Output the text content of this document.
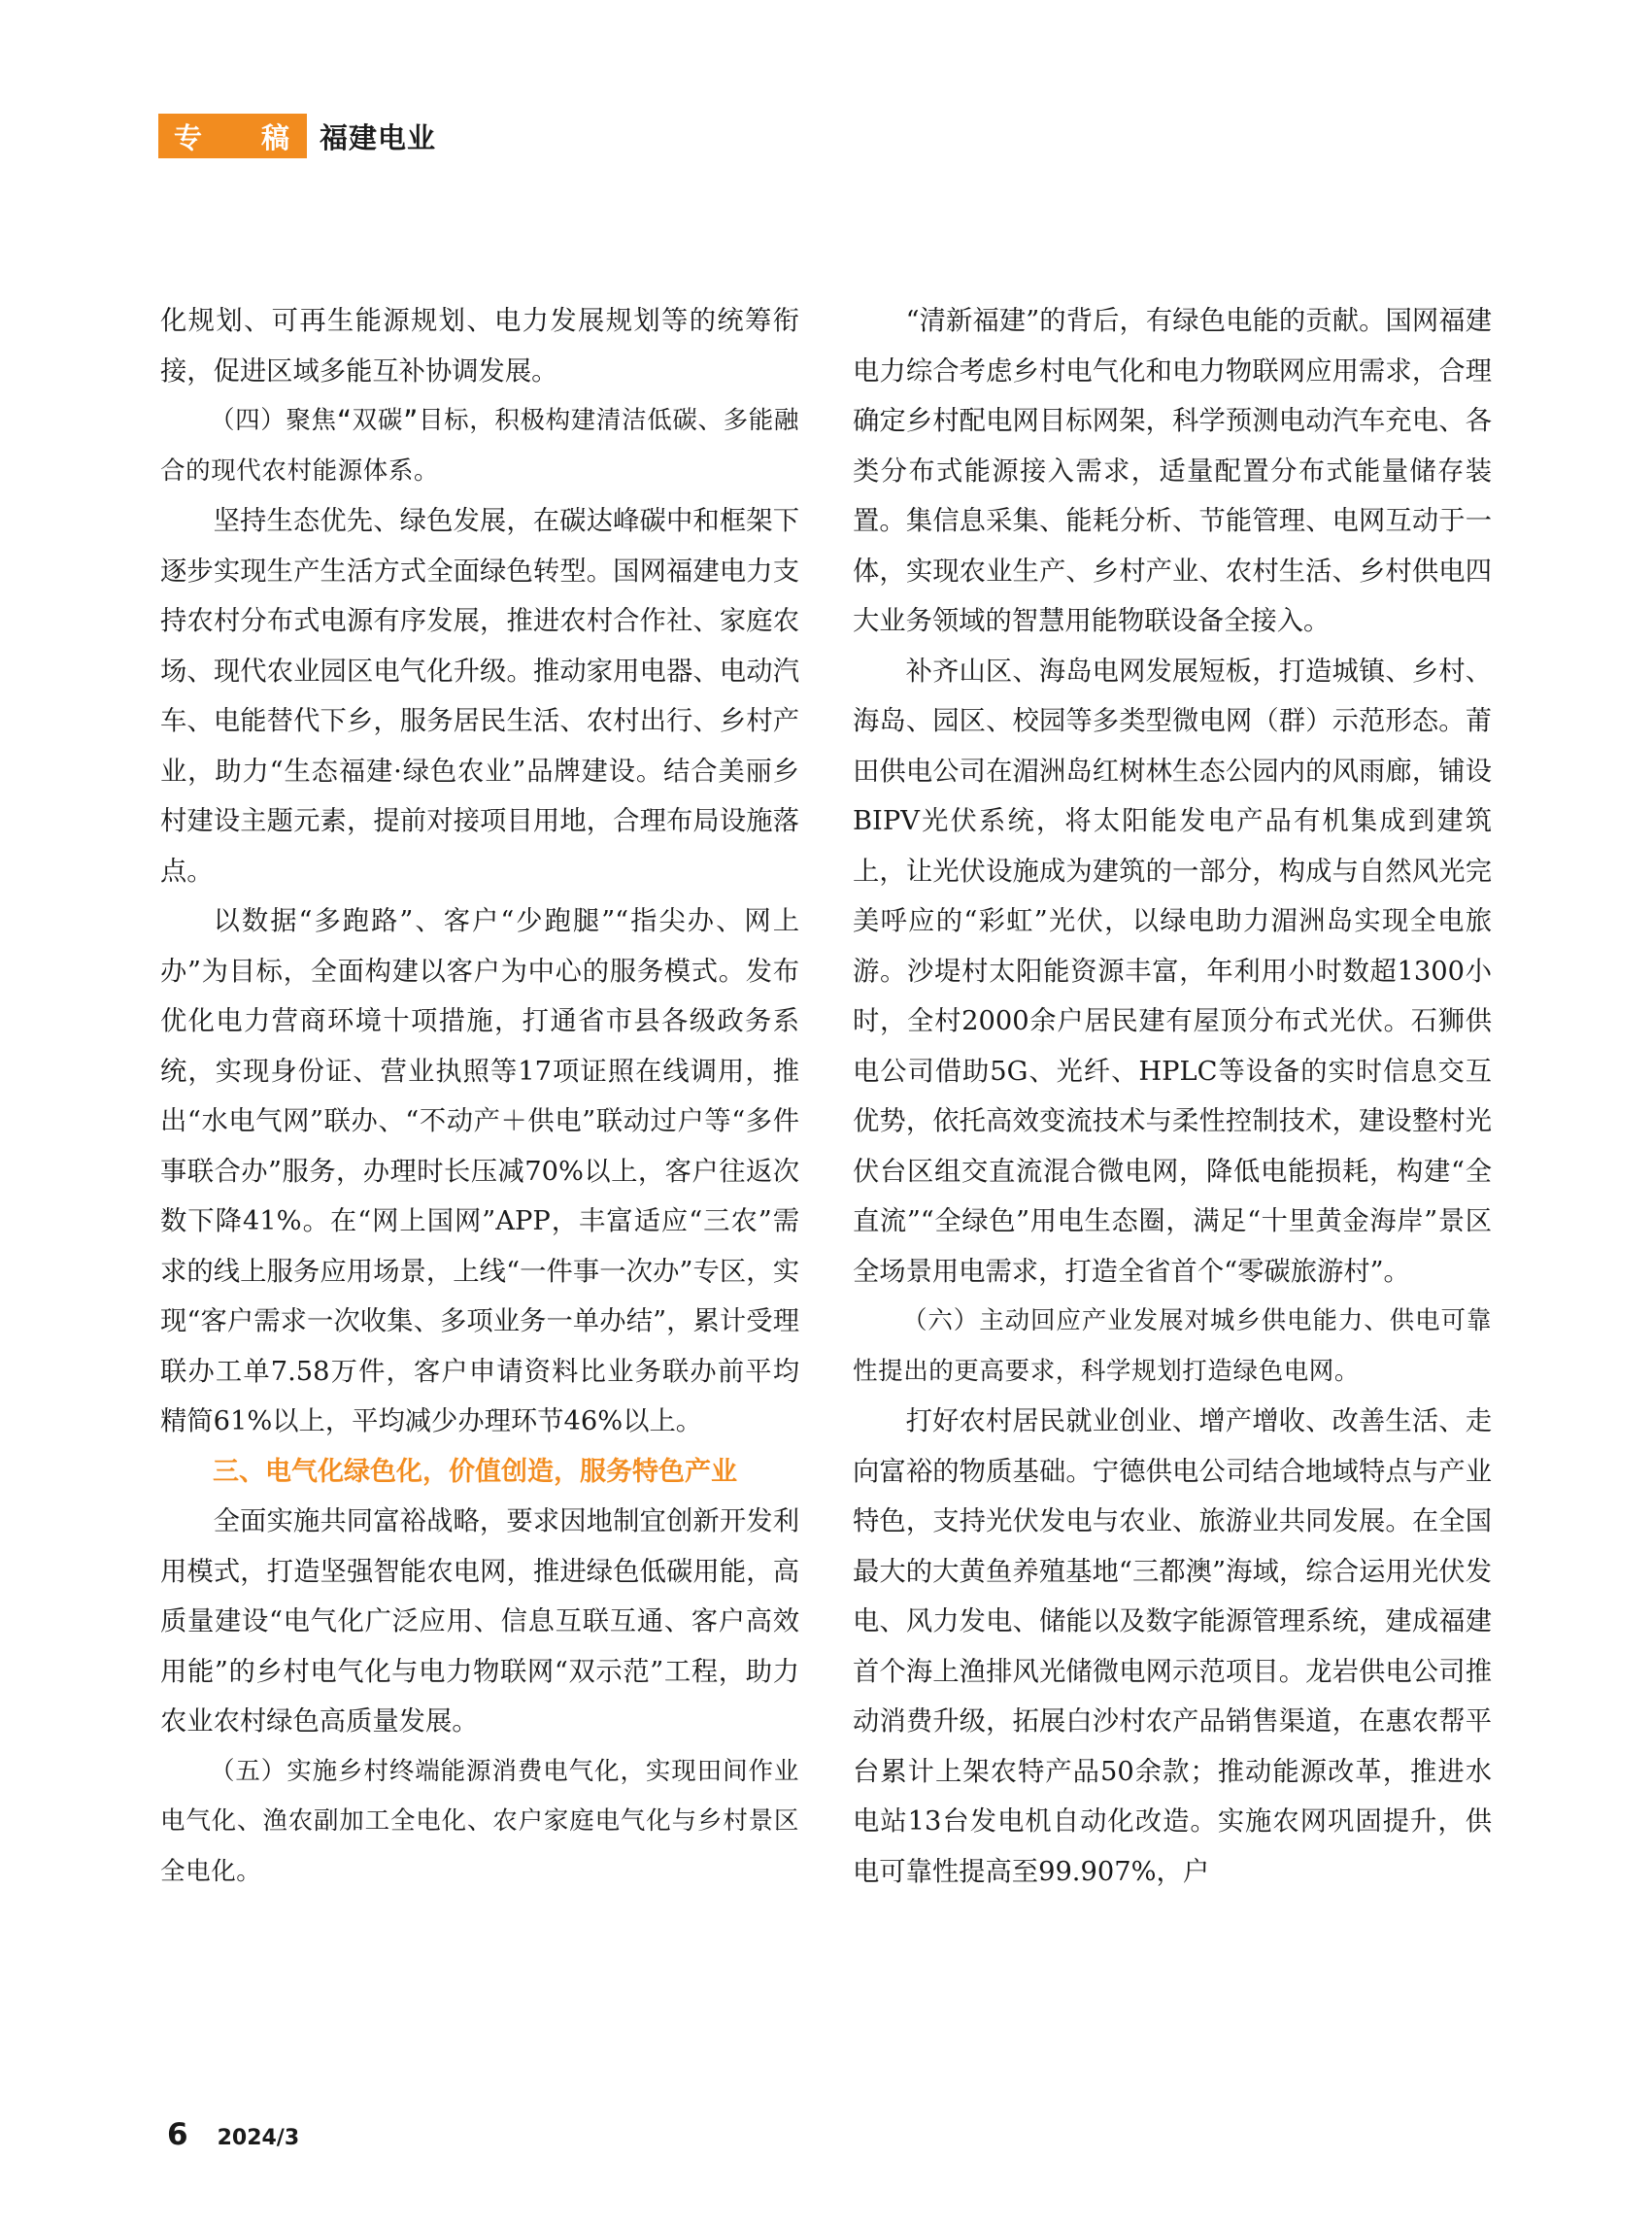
专 稿 福建电业

化规划、可再生能源规划、电力发展规划等的统筹衔接，促进区域多能互补协调发展。

（四）聚焦“双碳”目标，积极构建清洁低碳、多能融合的现代农村能源体系。

坚持生态优先、绿色发展，在碳达峰碳中和框架下逐步实现生产生活方式全面绿色转型。国网福建电力支持农村分布式电源有序发展，推进农村合作社、家庭农场、现代农业园区电气化升级。推动家用电器、电动汽车、电能替代下乡，服务居民生活、农村出行、乡村产业，助力“生态福建·绿色农业”品牌建设。结合美丽乡村建设主题元素，提前对接项目用地，合理布局设施落点。

以数据“多跑路”、客户“少跑腿”“指尖办、网上办”为目标，全面构建以客户为中心的服务模式。发布优化电力营商环境十项措施，打通省市县各级政务系统，实现身份证、营业执照等17项证照在线调用，推出“水电气网”联办、“不动产＋供电”联动过户等“多件事联合办”服务，办理时长压减70%以上，客户往返次数下降41%。在“网上国网”APP，丰富适应“三农”需求的线上服务应用场景，上线“一件事一次办”专区，实现“客户需求一次收集、多项业务一单办结”，累计受理联办工单7.58万件，客户申请资料比业务联办前平均精简61%以上，平均减少办理环节46%以上。

三、电气化绿色化，价值创造，服务特色产业

全面实施共同富裕战略，要求因地制宜创新开发利用模式，打造坚强智能农电网，推进绿色低碳用能，高质量建设“电气化广泛应用、信息互联互通、客户高效用能”的乡村电气化与电力物联网“双示范”工程，助力农业农村绿色高质量发展。

（五）实施乡村终端能源消费电气化，实现田间作业电气化、渔农副加工全电化、农户家庭电气化与乡村景区全电化。

“清新福建”的背后，有绿色电能的贡献。国网福建电力综合考虑乡村电气化和电力物联网应用需求，合理确定乡村配电网目标网架，科学预测电动汽车充电、各类分布式能源接入需求，适量配置分布式能量储存装置。集信息采集、能耗分析、节能管理、电网互动于一体，实现农业生产、乡村产业、农村生活、乡村供电四大业务领域的智慧用能物联设备全接入。

补齐山区、海岛电网发展短板，打造城镇、乡村、海岛、园区、校园等多类型微电网（群）示范形态。莆田供电公司在湄洲岛红树林生态公园内的风雨廊，铺设BIPV光伏系统，将太阳能发电产品有机集成到建筑上，让光伏设施成为建筑的一部分，构成与自然风光完美呼应的“彩虹”光伏，以绿电助力湄洲岛实现全电旅游。沙堤村太阳能资源丰富，年利用小时数超1300小时，全村2000余户居民建有屋顶分布式光伏。石狮供电公司借助5G、光纤、HPLC等设备的实时信息交互优势，依托高效变流技术与柔性控制技术，建设整村光伏台区组交直流混合微电网，降低电能损耗，构建“全直流”“全绿色”用电生态圈，满足“十里黄金海岸”景区全场景用电需求，打造全省首个“零碳旅游村”。

（六）主动回应产业发展对城乡供电能力、供电可靠性提出的更高要求，科学规划打造绿色电网。

打好农村居民就业创业、增产增收、改善生活、走向富裕的物质基础。宁德供电公司结合地域特点与产业特色，支持光伏发电与农业、旅游业共同发展。在全国最大的大黄鱼养殖基地“三都澳”海域，综合运用光伏发电、风力发电、储能以及数字能源管理系统，建成福建首个海上渔排风光储微电网示范项目。龙岩供电公司推动消费升级，拓展白沙村农产品销售渠道，在惠农帮平台累计上架农特产品50余款；推动能源改革，推进水电站13台发电机自动化改造。实施农网巩固提升，供电可靠性提高至99.907%，户

6 2024/3
